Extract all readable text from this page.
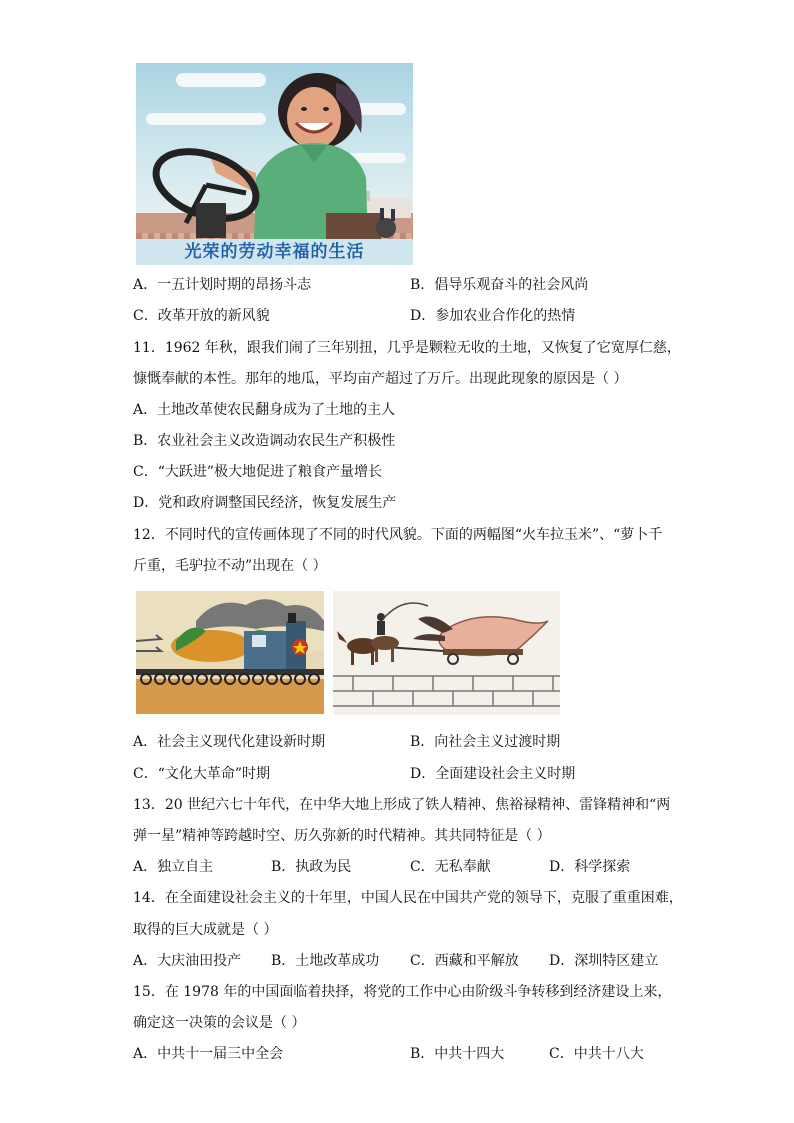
光荣的劳动幸福的生活
A．一五计划时期的昂扬斗志	B．倡导乐观奋斗的社会风尚
C．改革开放的新风貌	D．参加农业合作化的热情
11．1962 年秋，跟我们闹了三年别扭，几乎是颗粒无收的土地，又恢复了它宽厚仁慈，
慷慨奉献的本性。那年的地瓜，平均亩产超过了万斤。出现此现象的原因是（ ）
A．土地改革使农民翻身成为了土地的主人
B．农业社会主义改造调动农民生产积极性
C．“大跃进”极大地促进了粮食产量增长
D．党和政府调整国民经济，恢复发展生产
12．不同时代的宣传画体现了不同的时代风貌。下面的两幅图“火车拉玉米”、“萝卜千
斤重，毛驴拉不动”出现在（ ）
A．社会主义现代化建设新时期	B．向社会主义过渡时期
C．“文化大革命”时期	D．全面建设社会主义时期
13．20 世纪六七十年代，在中华大地上形成了铁人精神、焦裕禄精神、雷锋精神和“两
弹一星”精神等跨越时空、历久弥新的时代精神。其共同特征是（ ）
A．独立自主	B．执政为民	C．无私奉献	D．科学探索
14．在全面建设社会主义的十年里，中国人民在中国共产党的领导下，克服了重重困难，
取得的巨大成就是（ ）
A．大庆油田投产 B．土地改革成功 C．西藏和平解放 D．深圳特区建立
15．在 1978 年的中国面临着抉择，将党的工作中心由阶级斗争转移到经济建设上来，
确定这一决策的会议是（ ）
A．中共十一届三中全会	B．中共十四大	C．中共十八大
